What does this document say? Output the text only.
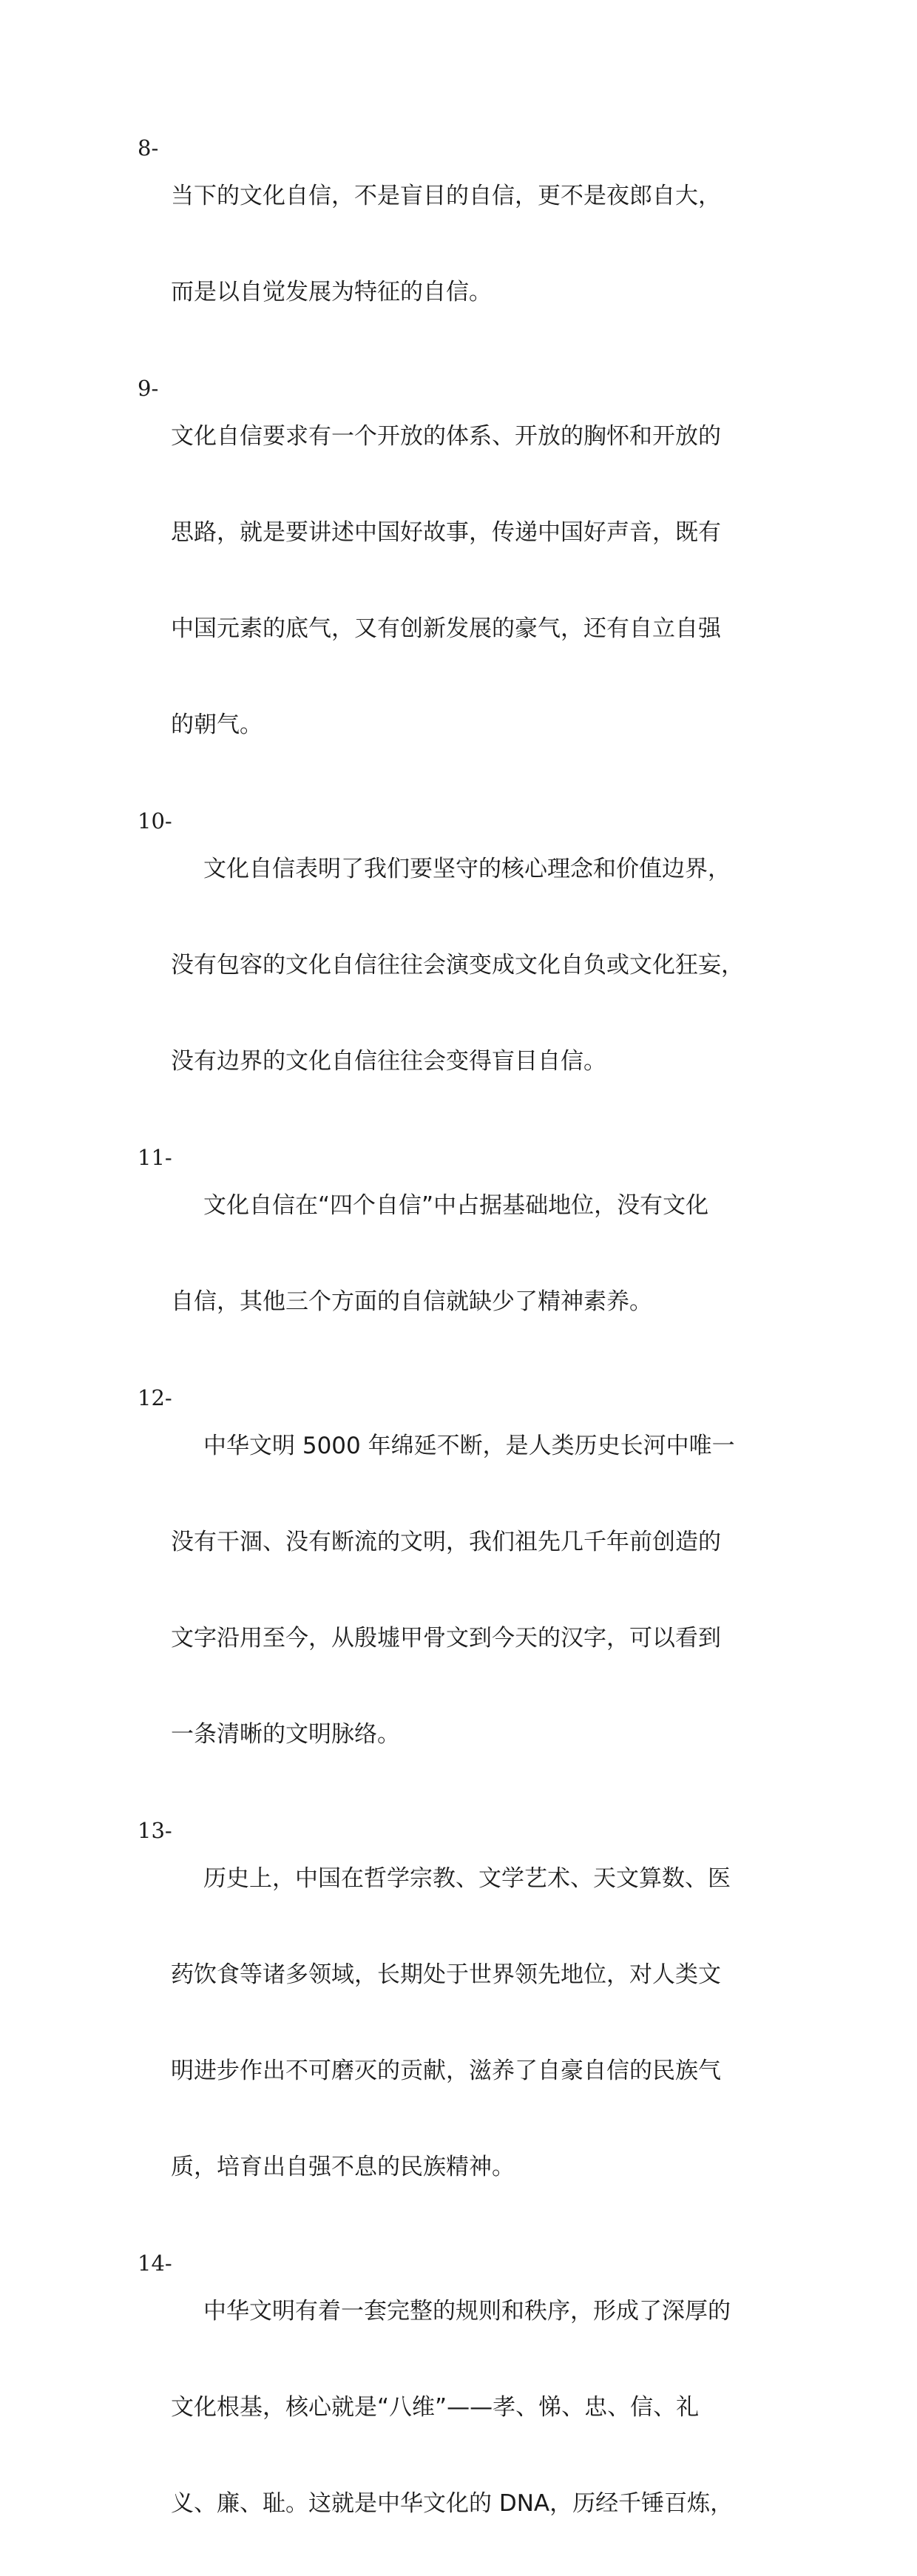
8-

当下的文化自信，不是盲目的自信，更不是夜郎自大，

而是以自觉发展为特征的自信。

9-

文化自信要求有一个开放的体系、开放的胸怀和开放的

思路，就是要讲述中国好故事，传递中国好声音，既有

中国元素的底气，又有创新发展的豪气，还有自立自强

的朝气。

10-

文化自信表明了我们要坚守的核心理念和价值边界，

没有包容的文化自信往往会演变成文化自负或文化狂妄，

没有边界的文化自信往往会变得盲目自信。

11-

文化自信在“四个自信”中占据基础地位，没有文化

自信，其他三个方面的自信就缺少了精神素养。

12-

中华文明 5000 年绵延不断，是人类历史长河中唯一

没有干涸、没有断流的文明，我们祖先几千年前创造的

文字沿用至今，从殷墟甲骨文到今天的汉字，可以看到

一条清晰的文明脉络。

13-

历史上，中国在哲学宗教、文学艺术、天文算数、医

药饮食等诸多领域，长期处于世界领先地位，对人类文

明进步作出不可磨灭的贡献，滋养了自豪自信的民族气

质，培育出自强不息的民族精神。

14-

中华文明有着一套完整的规则和秩序，形成了深厚的

文化根基，核心就是“八维”——孝、悌、忠、信、礼

义、廉、耻。这就是中华文化的 DNA，历经千锤百炼，
